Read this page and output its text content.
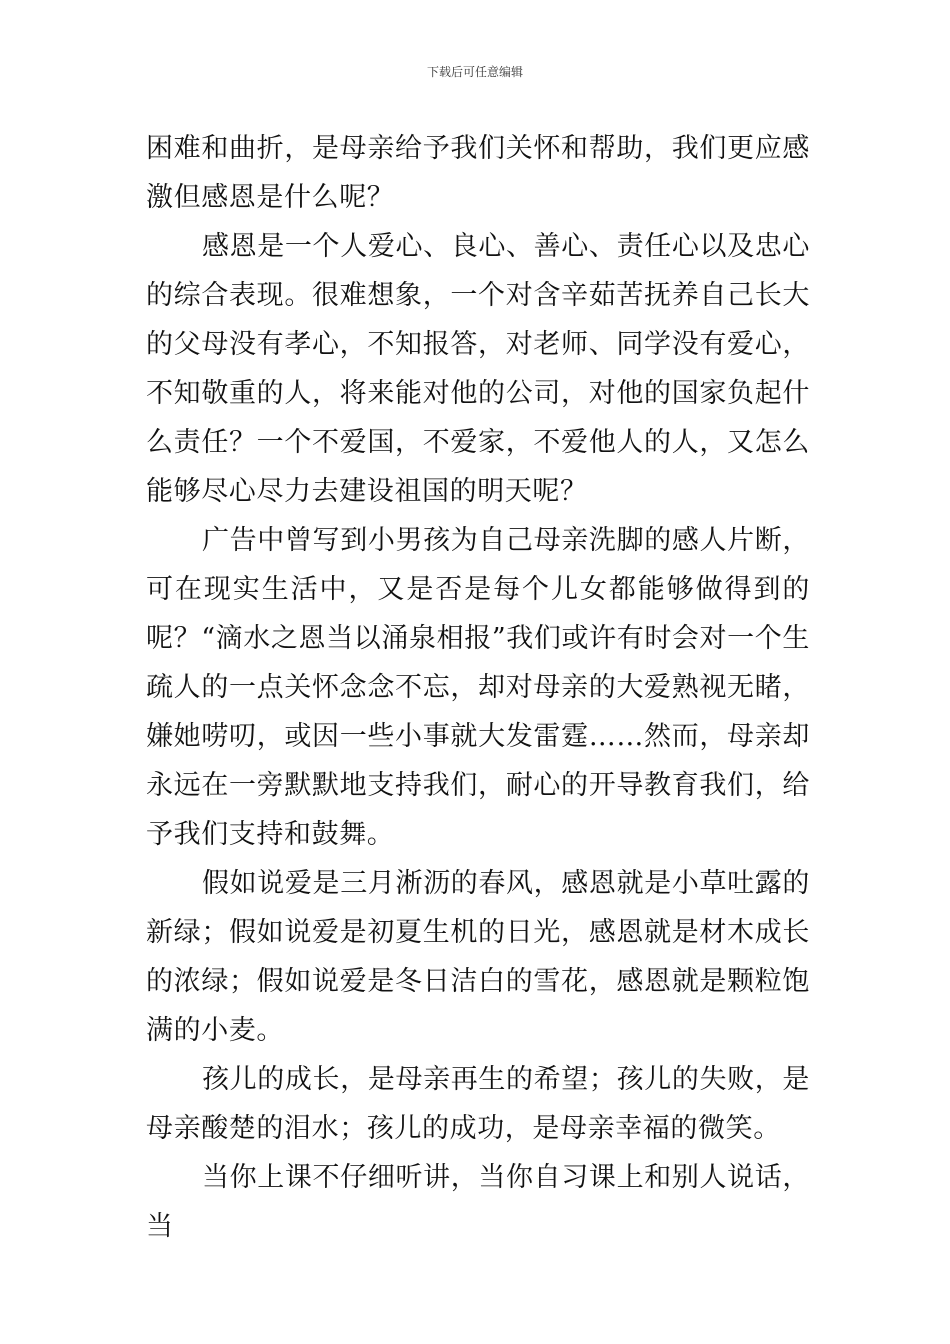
下载后可任意编辑

困难和曲折，是母亲给予我们关怀和帮助，我们更应感激但感恩是什么呢？

感恩是一个人爱心、良心、善心、责任心以及忠心的综合表现。很难想象，一个对含辛茹苦抚养自己长大的父母没有孝心，不知报答，对老师、同学没有爱心，不知敬重的人，将来能对他的公司，对他的国家负起什么责任？一个不爱国，不爱家，不爱他人的人，又怎么能够尽心尽力去建设祖国的明天呢？

广告中曾写到小男孩为自己母亲洗脚的感人片断，可在现实生活中，又是否是每个儿女都能够做得到的呢？“滴水之恩当以涌泉相报”我们或许有时会对一个生疏人的一点关怀念念不忘，却对母亲的大爱熟视无睹，嫌她唠叨，或因一些小事就大发雷霆……然而，母亲却永远在一旁默默地支持我们，耐心的开导教育我们，给予我们支持和鼓舞。

假如说爱是三月淅沥的春风，感恩就是小草吐露的新绿；假如说爱是初夏生机的日光，感恩就是材木成长的浓绿；假如说爱是冬日洁白的雪花，感恩就是颗粒饱满的小麦。

孩儿的成长，是母亲再生的希望；孩儿的失败，是母亲酸楚的泪水；孩儿的成功，是母亲幸福的微笑。

当你上课不仔细听讲，当你自习课上和别人说话，当
